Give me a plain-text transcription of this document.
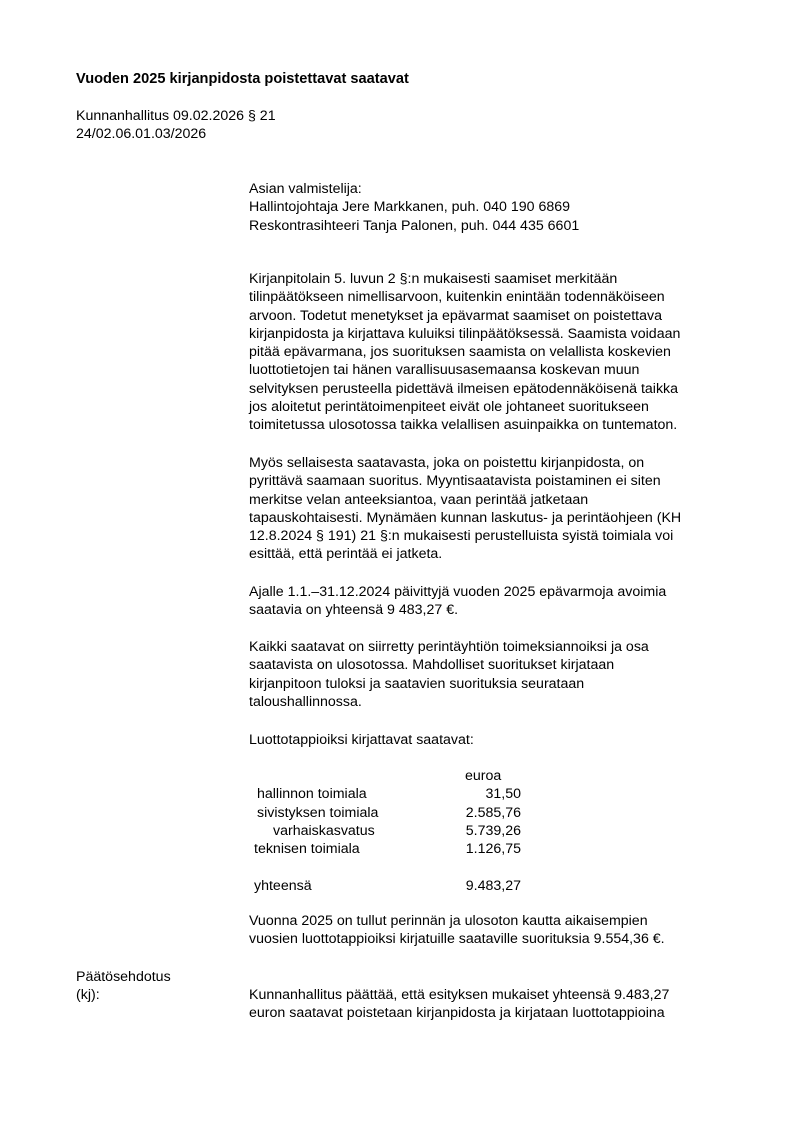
Vuoden 2025 kirjanpidosta poistettavat saatavat
Kunnanhallitus 09.02.2026 § 21
24/02.06.01.03/2026

Asian valmistelija:
Hallintojohtaja Jere Markkanen, puh. 040 190 6869
Reskontrasihteeri Tanja Palonen, puh. 044 435 6601

Kirjanpitolain 5. luvun 2 §:n mukaisesti saamiset merkitään
tilinpäätökseen nimellisarvoon, kuitenkin enintään todennäköiseen
arvoon. Todetut menetykset ja epävarmat saamiset on poistettava
kirjanpidosta ja kirjattava kuluiksi tilinpäätöksessä. Saamista voidaan
pitää epävarmana, jos suorituksen saamista on velallista koskevien
luottotietojen tai hänen varallisuusasemaansa koskevan muun
selvityksen perusteella pidettävä ilmeisen epätodennäköisenä taikka
jos aloitetut perintätoimenpiteet eivät ole johtaneet suoritukseen
toimitetussa ulosotossa taikka velallisen asuinpaikka on tuntematon.

Myös sellaisesta saatavasta, joka on poistettu kirjanpidosta, on
pyrittävä saamaan suoritus. Myyntisaatavista poistaminen ei siten
merkitse velan anteeksiantoa, vaan perintää jatketaan
tapauskohtaisesti. Mynämäen kunnan laskutus- ja perintäohjeen (KH
12.8.2024 § 191) 21 §:n mukaisesti perustelluista syistä toimiala voi
esittää, että perintää ei jatketa.

Ajalle 1.1.–31.12.2024 päivittyjä vuoden 2025 epävarmoja avoimia
saatavia on yhteensä 9 483,27 €.

Kaikki saatavat on siirretty perintäyhtiön toimeksiannoiksi ja osa
saatavista on ulosotossa. Mahdolliset suoritukset kirjataan
kirjanpitoon tuloksi ja saatavien suorituksia seurataan
taloushallinnossa.

Luottotappioiksi kirjattavat saatavat:

euroa
hallinnon toimiala	31,50
sivistyksen toimiala	2.585,76
varhaiskasvatus	5.739,26
teknisen toimiala	1.126,75
yhteensä	9.483,27

Vuonna 2025 on tullut perinnän ja ulosoton kautta aikaisempien
vuosien luottotappioiksi kirjatuille saataville suorituksia 9.554,36 €.

Päätösehdotus
(kj):	Kunnanhallitus päättää, että esityksen mukaiset yhteensä 9.483,27
euron saatavat poistetaan kirjanpidosta ja kirjataan luottotappioina
